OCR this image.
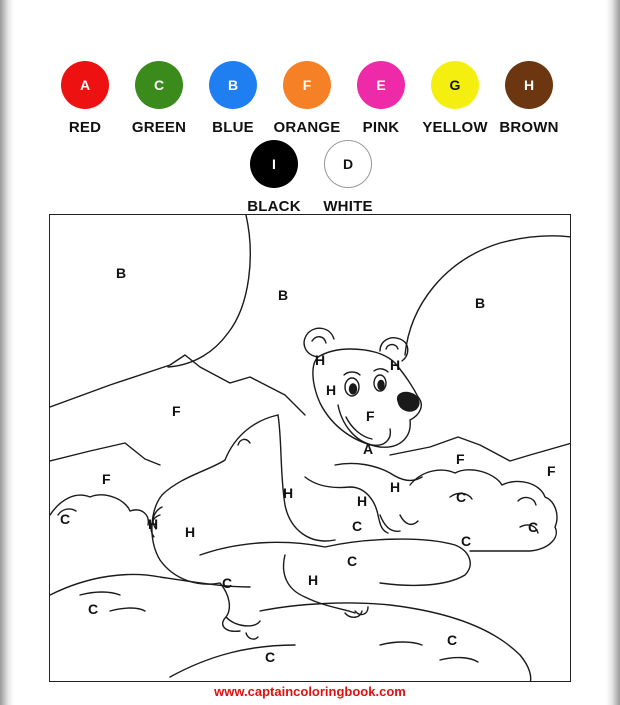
A
RED
C
GREEN
B
BLUE
F
ORANGE
E
PINK
G
YELLOW
H
BROWN
I
BLACK
D
WHITE
B
B	B
H	H
H
F	F
A
F
F
F
C
C
C
C
H	H
H
C
C
H
H
C
C
C
C	H
www.captaincoloringbook.com
